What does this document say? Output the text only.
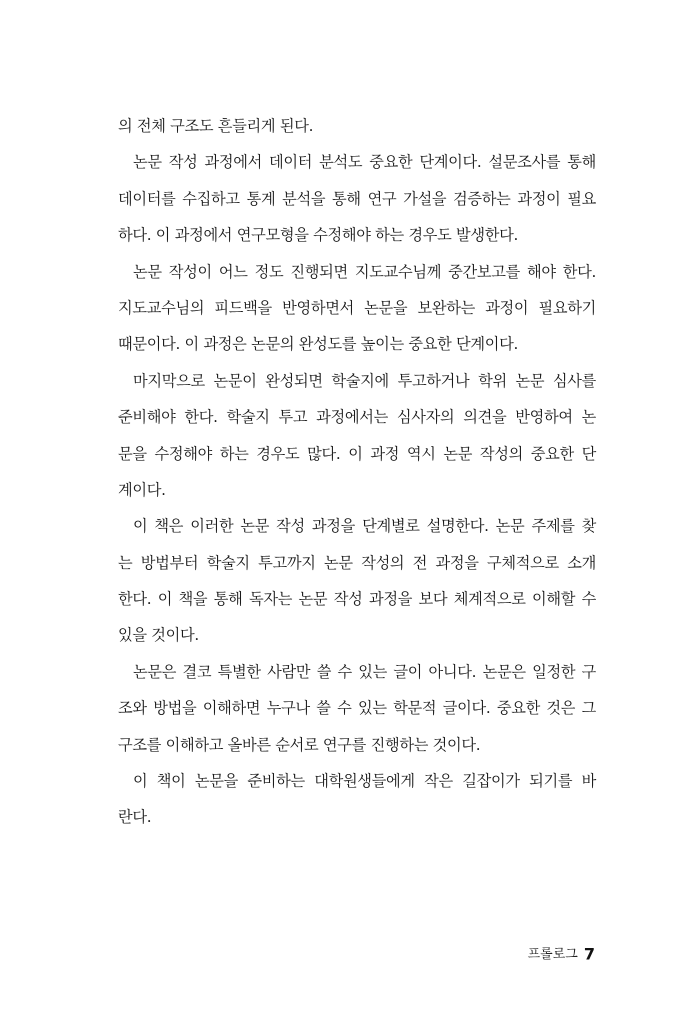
의 전체 구조도 흔들리게 된다.
논문 작성 과정에서 데이터 분석도 중요한 단계이다. 설문조사를 통해
데이터를 수집하고 통계 분석을 통해 연구 가설을 검증하는 과정이 필요
하다. 이 과정에서 연구모형을 수정해야 하는 경우도 발생한다.
논문 작성이 어느 정도 진행되면 지도교수님께 중간보고를 해야 한다.
지도교수님의 피드백을 반영하면서 논문을 보완하는 과정이 필요하기
때문이다. 이 과정은 논문의 완성도를 높이는 중요한 단계이다.
마지막으로 논문이 완성되면 학술지에 투고하거나 학위 논문 심사를
준비해야 한다. 학술지 투고 과정에서는 심사자의 의견을 반영하여 논
문을 수정해야 하는 경우도 많다. 이 과정 역시 논문 작성의 중요한 단
계이다.
이 책은 이러한 논문 작성 과정을 단계별로 설명한다. 논문 주제를 찾
는 방법부터 학술지 투고까지 논문 작성의 전 과정을 구체적으로 소개
한다. 이 책을 통해 독자는 논문 작성 과정을 보다 체계적으로 이해할 수
있을 것이다.
논문은 결코 특별한 사람만 쓸 수 있는 글이 아니다. 논문은 일정한 구
조와 방법을 이해하면 누구나 쓸 수 있는 학문적 글이다. 중요한 것은 그
구조를 이해하고 올바른 순서로 연구를 진행하는 것이다.
이 책이 논문을 준비하는 대학원생들에게 작은 길잡이가 되기를 바
란다.
프롤로그 7
